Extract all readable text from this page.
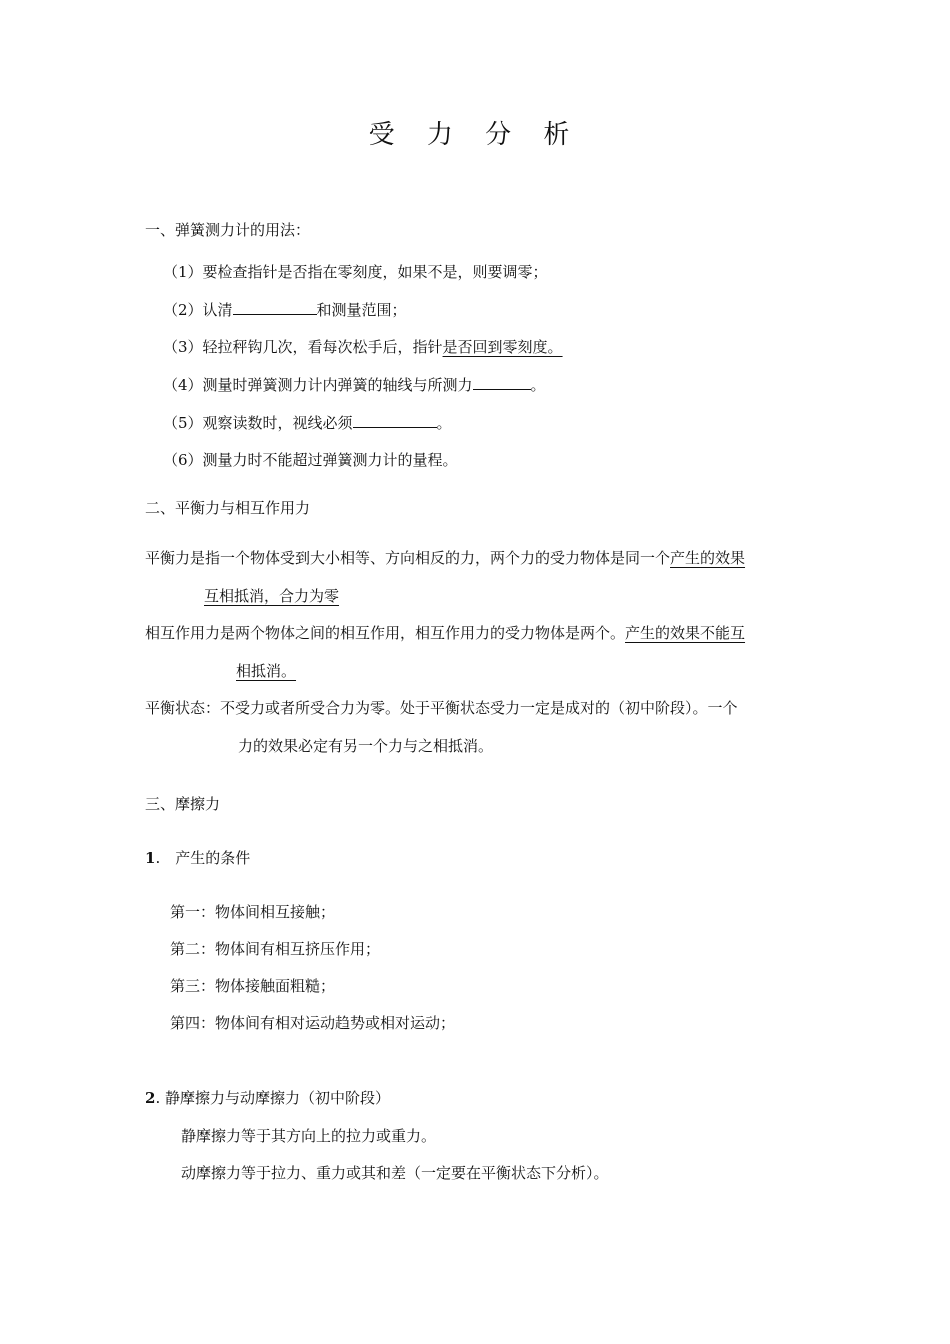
受 力 分 析
一、弹簧测力计的用法：
（1）要检查指针是否指在零刻度，如果不是，则要调零；
（2）认清	和测量范围；
（3）轻拉秤钩几次，看每次松手后，指针是否回到零刻度。
（4）测量时弹簧测力计内弹簧的轴线与所测力	。
（5）观察读数时，视线必须	。
（6）测量力时不能超过弹簧测力计的量程。
二、平衡力与相互作用力
平衡力是指一个物体受到大小相等、方向相反的力，两个力的受力物体是同一个产生的效果
互相抵消，合力为零
相互作用力是两个物体之间的相互作用，相互作用力的受力物体是两个。产生的效果不能互
相抵消。
平衡状态：不受力或者所受合力为零。处于平衡状态受力一定是成对的（初中阶段）。一个
力的效果必定有另一个力与之相抵消。
三、摩擦力
1.　产生的条件
第一：物体间相互接触；
第二：物体间有相互挤压作用；
第三：物体接触面粗糙；
第四：物体间有相对运动趋势或相对运动；
2. 静摩擦力与动摩擦力（初中阶段）
静摩擦力等于其方向上的拉力或重力。
动摩擦力等于拉力、重力或其和差（一定要在平衡状态下分析）。
